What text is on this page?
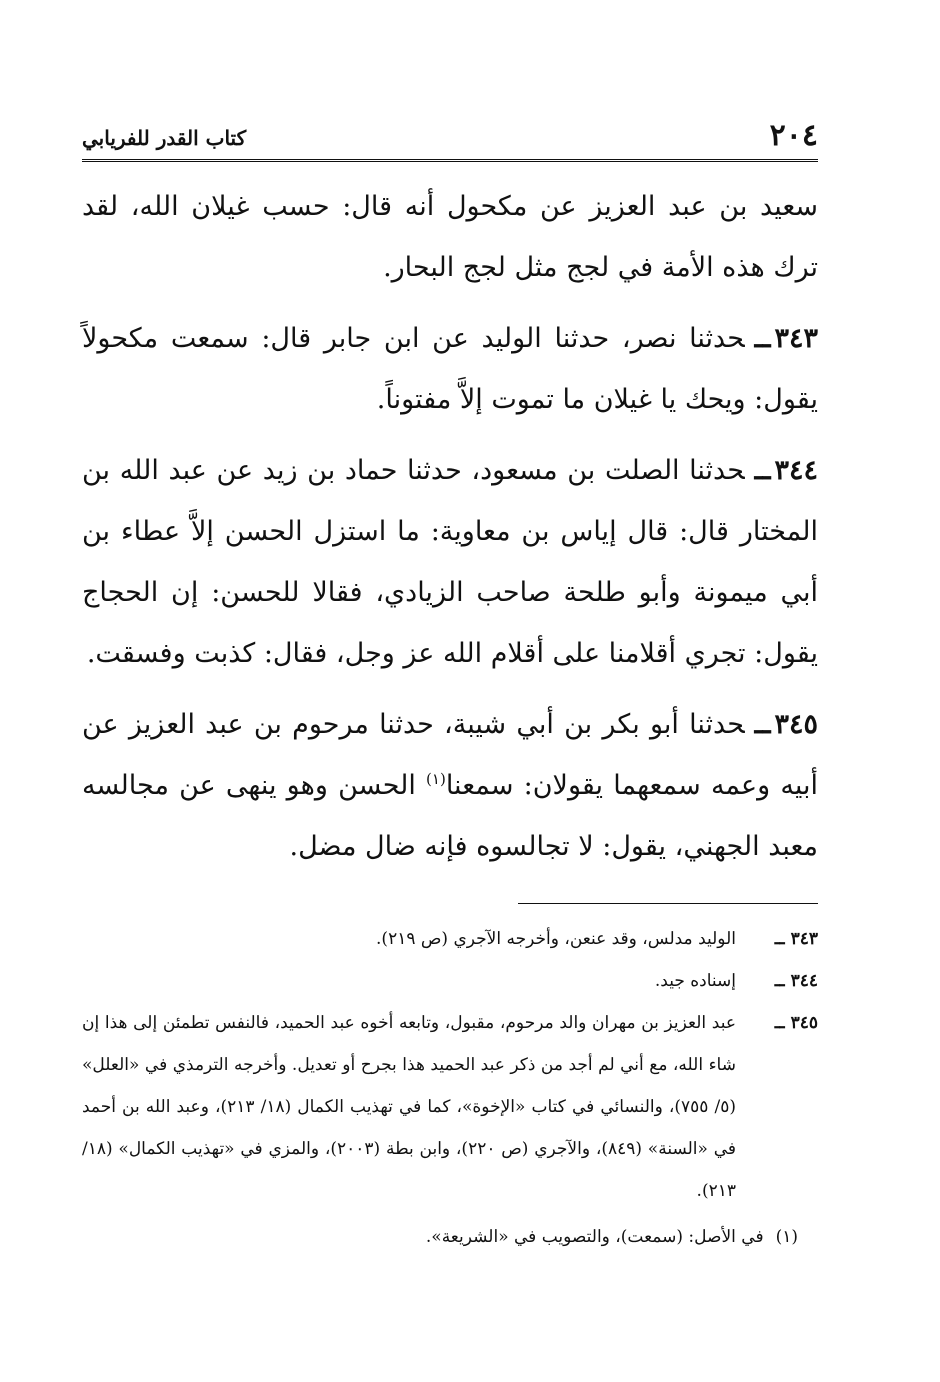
٢٠٤
كتاب القدر للفريابي

سعيد بن عبد العزيز عن مكحول أنه قال: حسب غيلان الله، لقد ترك هذه الأمة في لجج مثل لجج البحار.

٣٤٣ــحدثنا نصر، حدثنا الوليد عن ابن جابر قال: سمعت مكحولاً يقول: ويحك يا غيلان ما تموت إلاَّ مفتوناً.

٣٤٤ــحدثنا الصلت بن مسعود، حدثنا حماد بن زيد عن عبد الله بن المختار قال: قال إياس بن معاوية: ما استزل الحسن إلاَّ عطاء بن أبي ميمونة وأبو طلحة صاحب الزيادي، فقالا للحسن: إن الحجاج يقول: تجري أقلامنا على أقلام الله عز وجل، فقال: كذبت وفسقت.

٣٤٥ــحدثنا أبو بكر بن أبي شيبة، حدثنا مرحوم بن عبد العزيز عن أبيه وعمه سمعهما يقولان: سمعنا$^{(١)}$ الحسن وهو ينهى عن مجالسه معبد الجهني، يقول: لا تجالسوه فإنه ضال مضل.

٣٤٣ ــ
الوليد مدلس، وقد عنعن، وأخرجه الآجري (ص ٢١٩).
٣٤٤ ــ
إسناده جيد.
٣٤٥ ــ
عبد العزيز بن مهران والد مرحوم، مقبول، وتابعه أخوه عبد الحميد، فالنفس تطمئن إلى هذا إن شاء الله، مع أني لم أجد من ذكر عبد الحميد هذا بجرح أو تعديل. وأخرجه الترمذي في «العلل» (٥/ ٧٥٥)، والنسائي في كتاب «الإخوة»، كما في تهذيب الكمال (١٨/ ٢١٣)، وعبد الله بن أحمد في «السنة» (٨٤٩)، والآجري (ص ٢٢٠)، وابن بطة (٢٠٠٣)، والمزي في «تهذيب الكمال» (١٨/ ٢١٣).
(١)في الأصل: (سمعت)، والتصويب في «الشريعة».
